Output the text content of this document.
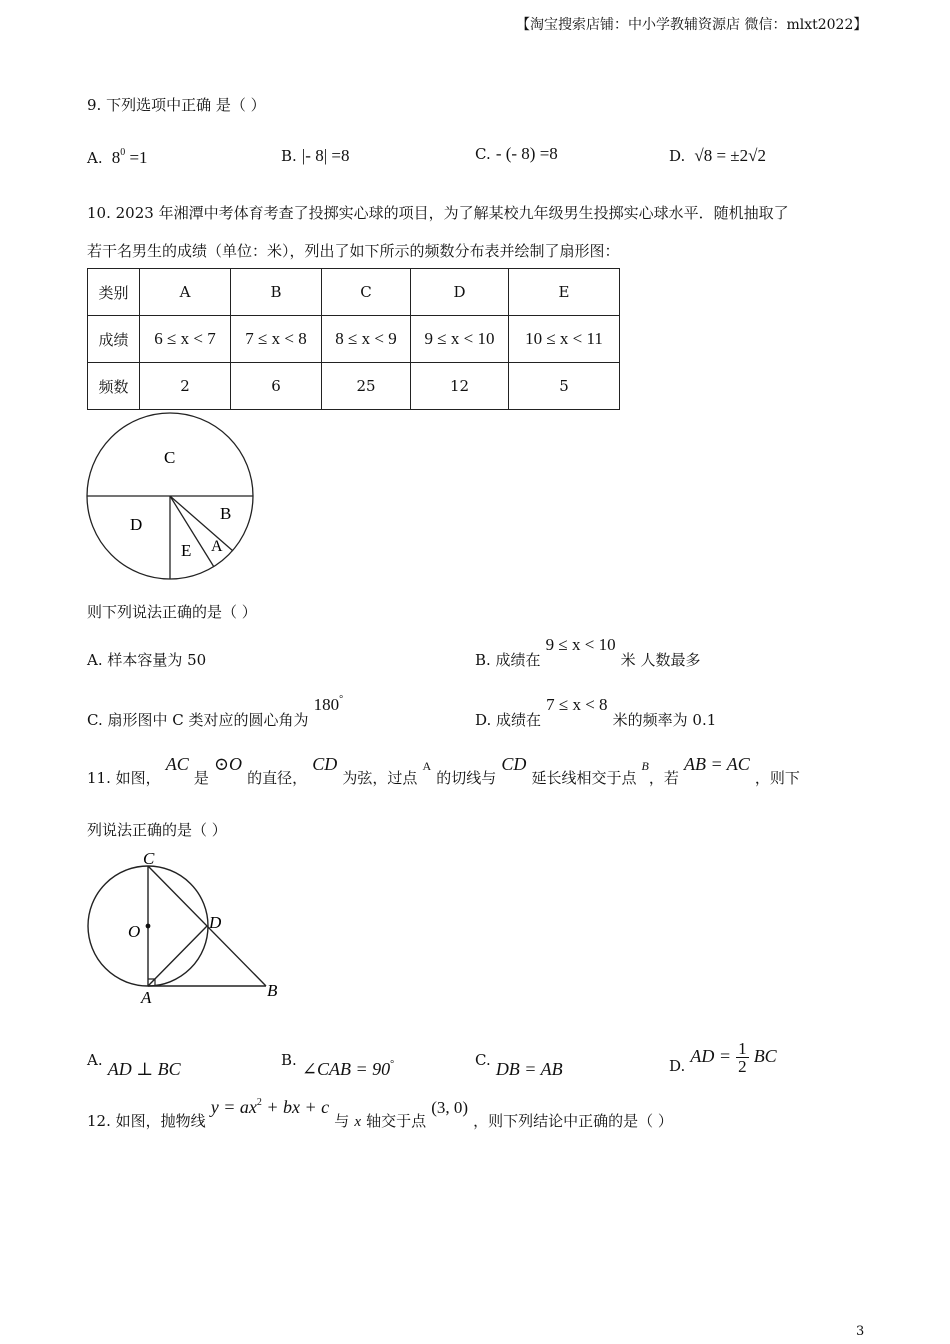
【淘宝搜索店铺：中小学教辅资源店 微信：mlxt2022】
9. 下列选项中正确 是（ ）
A. $8^0 =1$	B. |- 8| =8	C. - (- 8) =8	D. √8 = ±2√2
10. 2023 年湘潭中考体育考查了投掷实心球的项目，为了解某校九年级男生投掷实心球水平．随机抽取了
若干名男生的成绩（单位：米），列出了如下所示的频数分布表并绘制了扇形图：
类别	A	B	C	D	E
成绩	6 ≤ x < 7	7 ≤ x < 8	8 ≤ x < 9	9 ≤ x < 10	10 ≤ x < 11
频数	2	6	25	12	5
C
D
B
E A
则下列说法正确的是（ ）
A. 样本容量为 50	B. 成绩在 9 ≤ x < 10 米 人数最多
C. 扇形图中 C 类对应的圆心角为 180°
D. 成绩在 7 ≤ x < 8 米的频率为 0.1
11. 如图， AC 是 ⊙O 的直径， CD 为弦，过点 A 的切线与 CD 延长线相交于点 B，若 AB = AC ，则下
列说法正确的是（ ）
C
O	D
A	B
A. AD ⊥ BC	B. ∠CAB = 90°	C. DB = AB	D. AD = $\frac{1}{2}$ BC
12. 如图，抛物线 $y = ax^2$ + bx + c 与 x 轴交于点 (3, 0) ，则下列结论中正确的是（ ）
3
